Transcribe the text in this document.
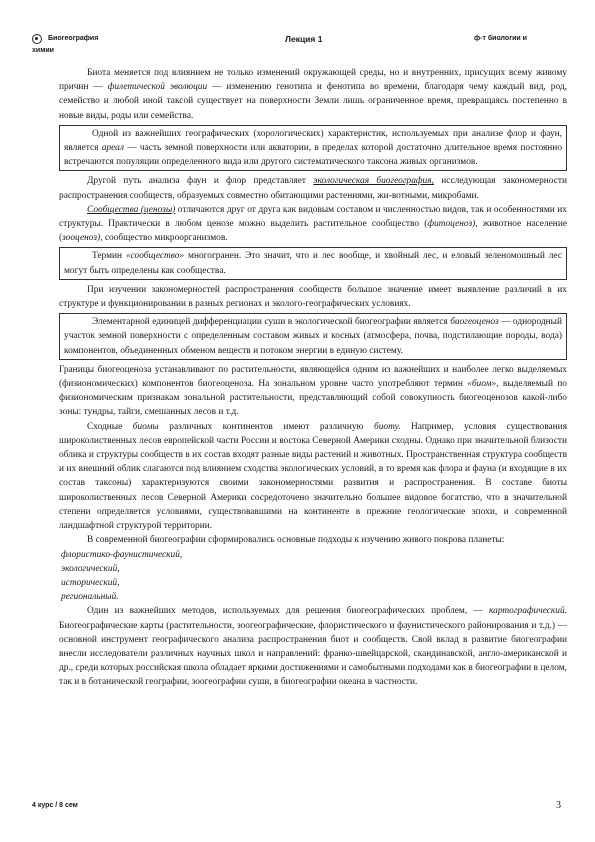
Биогеография
химии
Лекция 1	ф-т биологии и

Биота меняется под влиянием не только изменений окружающей среды, но и внутренних, присущих всему живому причин — филетической эволюции — изменению генотипа и фенотипа во времени, благодаря чему каждый вид, род, семейство и любой иной таксой существует на поверхности Земли лишь ограниченное время, превращаясь постепенно в новые виды, роды или семейства.

Одной из важнейших географических (хорологических) характеристик, используемых при анализе флор и фаун, является ареал — часть земной поверхности или акватории, в пределах которой достаточно длительное время постоянно встречаются популяции определенного вида или другого систематического таксона живых организмов.

Другой путь анализа фаун и флор представляет экологическая биогеография, исследующая закономерности распространения сообществ, образуемых совместно обитающими растениями, жи-вотными, микробами.

Сообщества (ценозы) отличаются друг от друга как видовым составом и численностью видов, так и особенностями их структуры. Практически в любом ценозе можно выделить растительное сообщество (фитоценоз), животное население (зооценоз), сообщество микроорганизмов.

Термин «сообщество» многогранен. Это значит, что и лес вообще, и хвойный лес, и еловый зеленомошный лес могут быть определены как сообщества.

При изучении закономерностей распространения сообществ большое значение имеет выявление различий в их структуре и функционировании в разных регионах и эколого-географических условиях.

Элементарной единицей дифференциации суши в экологической биогеографии является биогеоценоз — однородный участок земной поверхности с определенным составом живых и косных (атмосфера, почва, подстилающие породы, вода) компонентов, объединенных обменом веществ и потоком энергии в единую систему.

Границы биогеоценоза устанавливают по растительности, являющейся одним из важнейших и наиболее легко выделяемых (физиономических) компонентов биогеоценоза. На зональном уровне часто употребляют термин «биом», выделяемый по физиономическим признакам зональной растительности, представляющий собой совокупность биогеоценозов какой-либо зоны: тундры, тайги, смешанных лесов и т.д.

Сходные биомы различных континентов имеют различную биоту. Например, условия существования широколиственных лесов европейской части России и востока Северной Америки сходны. Однако при значительной близости облика и структуры сообществ в их состав входят разные виды растений и животных. Пространственная структура сообществ и их внешний облик слагаются под влиянием сходства экологических условий, в то время как флора и фауна (и входящие в их состав таксоны) характеризуются своими закономерностями развития и распространения. В составе биоты широколиственных лесов Северной Америки сосредоточено значительно большее видовое богатство, что в значительной степени определяется условиями, существовавшими на континенте в прежние геологические эпохи, и современной ландшафтной структурой территории.

В современной биогеографии сформировались основные подходы к изучению живого покрова планеты:

флористико-фаунистический,
экологический,
исторический,
региональный.

Один из важнейших методов, используемых для решения биогеографических проблем, — картографический. Биогеографические карты (растительности, зоогеографические, флористического и фаунистического районирования и т.д.) — основной инструмент географического анализа распространения биот и сообществ. Свой вклад в развитие биогеографии внесли исследователи различных научных школ и направлений: франко-швейцарской, скандинавской, англо-американской и др., среди которых российская школа обладает яркими достижениями и самобытными подходами как в биогеографии в целом, так и в ботанической географии, зоогеографии суши, в биогеографии океана в частности.

4 курс / 8 сем	3
